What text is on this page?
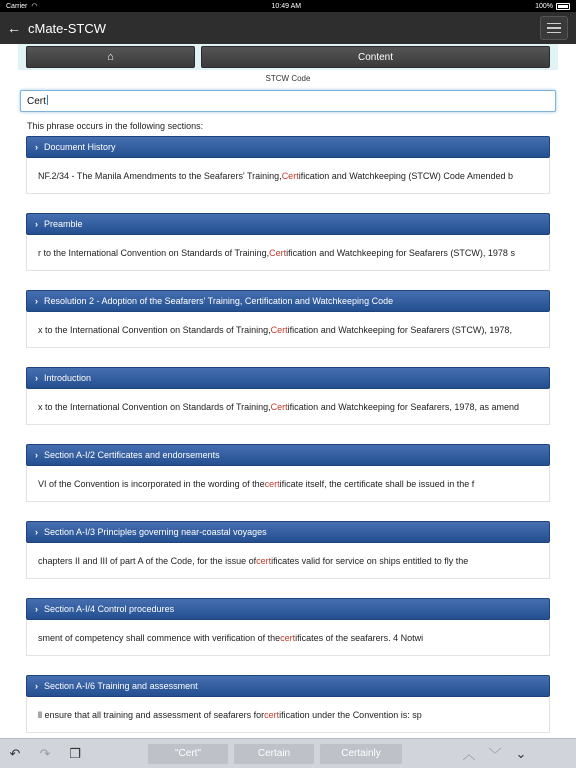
Carrier ◠	10:49 AM	100%
← cMate-STCW
⌂	Content
STCW Code
Cert
This phrase occurs in the following sections:
› Document History
NF.2/34 - The Manila Amendments to the Seafarers' Training, Cert ification and Watchkeeping (STCW) Code Amended b
› Preamble
r to the International Convention on Standards of Training, Cert ification and Watchkeeping for Seafarers (STCW), 1978 s
› Resolution 2 - Adoption of the Seafarers' Training, Certification and Watchkeeping Code
x to the International Convention on Standards of Training, Cert ification and Watchkeeping for Seafarers (STCW), 1978,
› Introduction
x to the International Convention on Standards of Training, Cert ification and Watchkeeping for Seafarers, 1978, as amend
› Section A-I/2 Certificates and endorsements
VI of the Convention is incorporated in the wording of the cert ificate itself, the certificate shall be issued in the f
› Section A-I/3 Principles governing near-coastal voyages
chapters II and III of part A of the Code, for the issue of cert ificates valid for service on ships entitled to fly the
› Section A-I/4 Control procedures
sment of competency shall commence with verification of the cert ificates of the seafarers. 4 Notwi
› Section A-I/6 Training and assessment
ll ensure that all training and assessment of seafarers for cert ification under the Convention is: sp
↶	↷	❐	"Cert"	Certain	Certainly	︿ ﹀	⌄
